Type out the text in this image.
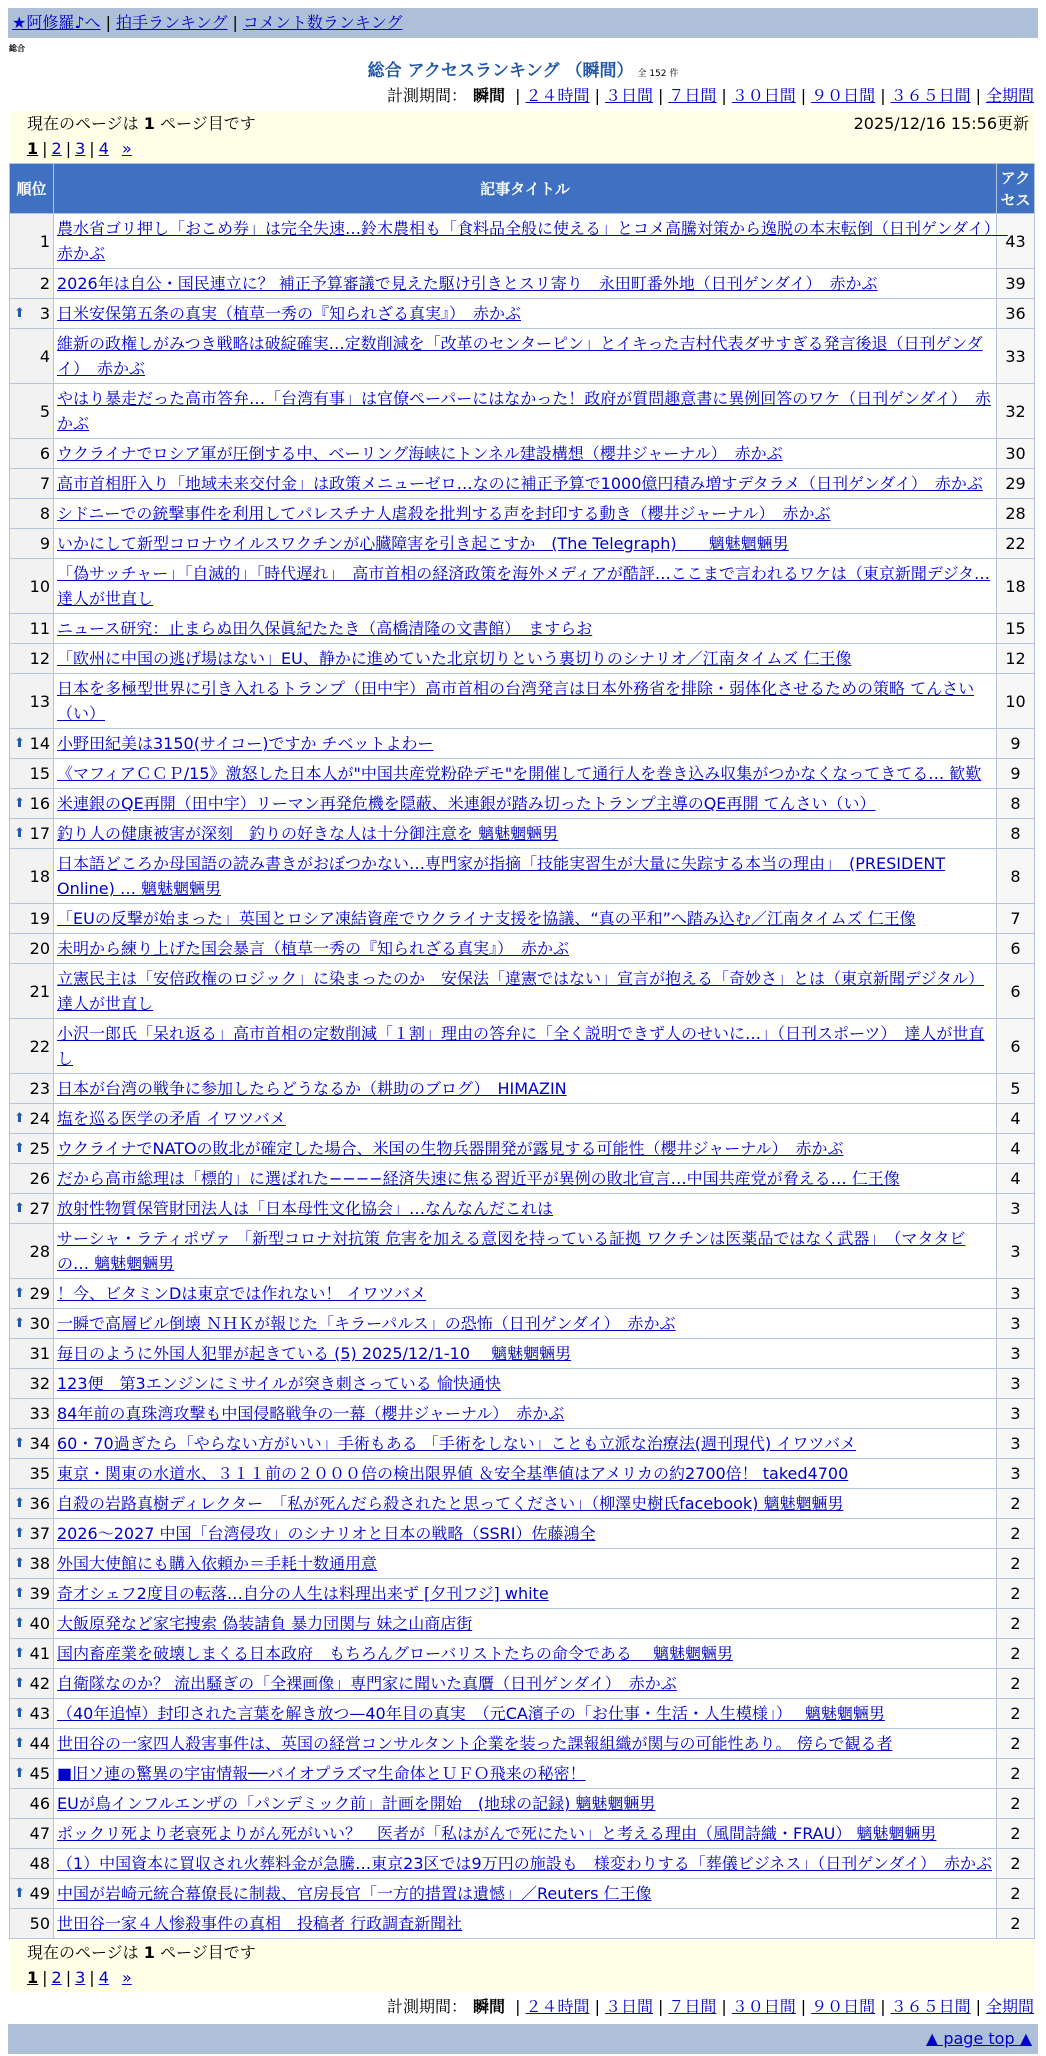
★阿修羅♪へ | 拍手ランキング | コメント数ランキング
総合
総合 アクセスランキング （瞬間） 全 152 件
計測期間： 瞬間 | ２４時間 | ３日間 | ７日間 | ３０日間 | ９０日間 | ３６５日間 | 全期間
現在のページは 1 ページ目です	2025/12/16 15:56更新
1 | 2 | 3 | 4 »
順位	記事タイトル	アクセス
1	農水省ゴリ押し「おこめ券」は完全失速…鈴木農相も「食料品全般に使える」とコメ高騰対策から逸脱の本末転倒（日刊ゲンダイ）　赤かぶ	43
2	2026年は自公・国民連立に？ 補正予算審議で見えた駆け引きとスリ寄り　永田町番外地（日刊ゲンダイ）　赤かぶ	39

⬆ 3	日米安保第五条の真実（植草一秀の『知られざる真実』）　赤かぶ	36
4	維新の政権しがみつき戦略は破綻確実…定数削減を「改革のセンターピン」とイキった吉村代表ダサすぎる発言後退（日刊ゲンダイ）　赤かぶ	33
5	やはり暴走だった高市答弁…「台湾有事」は官僚ペーパーにはなかった！政府が質問趣意書に異例回答のワケ（日刊ゲンダイ）　赤かぶ	32
6	ウクライナでロシア軍が圧倒する中、ベーリング海峡にトンネル建設構想（櫻井ジャーナル）　赤かぶ	30
7	高市首相肝入り「地域未来交付金」は政策メニューゼロ…なのに補正予算で1000億円積み増すデタラメ（日刊ゲンダイ）　赤かぶ	29
8	シドニーでの銃撃事件を利用してパレスチナ人虐殺を批判する声を封印する動き（櫻井ジャーナル）　赤かぶ	28
9	いかにして新型コロナウイルスワクチンが心臓障害を引き起こすか　(The Telegraph)　　魑魅魍魎男	22
10	「偽サッチャー」「自滅的」「時代遅れ」　高市首相の経済政策を海外メディアが酷評…ここまで言われるワケは（東京新聞デジタ… 達人が世直し	18
11	ニュース研究：止まらぬ田久保眞紀たたき（高橋清隆の文書館）　ますらお	15
12	「欧州に中国の逃げ場はない」EU、静かに進めていた北京切りという裏切りのシナリオ／江南タイムズ 仁王像	12
13	日本を多極型世界に引き入れるトランプ（田中宇）高市首相の台湾発言は日本外務省を排除・弱体化させるための策略 てんさい（い）	10

⬆ 14	小野田紀美は3150(サイコー)ですか チベットよわー	9
15	《マフィアＣＣＰ/15》激怒した日本人が"中国共産党粉砕デモ"を開催して通行人を巻き込み収集がつかなくなってきてる… 歓歎	9

⬆ 16	米連銀のQE再開（田中宇）リーマン再発危機を隠蔽、米連銀が踏み切ったトランプ主導のQE再開 てんさい（い）	8

⬆ 17	釣り人の健康被害が深刻　釣りの好きな人は十分御注意を 魑魅魍魎男	8
18	日本語どころか母国語の読み書きがおぼつかない…専門家が指摘「技能実習生が大量に失踪する本当の理由」　(PRESIDENT Online) … 魑魅魍魎男	8
19	「EUの反撃が始まった」英国とロシア凍結資産でウクライナ支援を協議、“真の平和”へ踏み込む／江南タイムズ 仁王像	7
20	未明から練り上げた国会暴言（植草一秀の『知られざる真実』）　赤かぶ	6
21	立憲民主は「安倍政権のロジック」に染まったのか　安保法「違憲ではない」宣言が抱える「奇妙さ」とは（東京新聞デジタル） 達人が世直し	6
22	小沢一郎氏「呆れ返る」高市首相の定数削減「１割」理由の答弁に「全く説明できず人のせいに…」（日刊スポーツ）　達人が世直し	6
23	日本が台湾の戦争に参加したらどうなるか（耕助のブログ）　HIMAZIN	5

⬆ 24	塩を巡る医学の矛盾 イワツバメ	4

⬆ 25	ウクライナでNATOの敗北が確定した場合、米国の生物兵器開発が露見する可能性（櫻井ジャーナル）　赤かぶ	4
26	だから高市総理は「標的」に選ばれた−−−−経済失速に焦る習近平が異例の敗北宣言…中国共産党が脅える… 仁王像	4

⬆ 27	放射性物質保管財団法人は「日本母性文化協会」…なんなんだこれは	3
28	サーシャ・ラティポヴァ 「新型コロナ対抗策 危害を加える意図を持っている証拠 ワクチンは医薬品ではなく武器」　（マタタビの… 魑魅魍魎男	3

⬆ 29	！今、ビタミンDは東京では作れない！ イワツバメ	3

⬆ 30	一瞬で高層ビル倒壊 ＮＨＫが報じた「キラーパルス」の恐怖（日刊ゲンダイ）　赤かぶ	3
31	毎日のように外国人犯罪が起きている (5) 2025/12/1-10　 魑魅魍魎男	3
32	123便　第3エンジンにミサイルが突き刺さっている 愉快通快	3
33	84年前の真珠湾攻撃も中国侵略戦争の一幕（櫻井ジャーナル）　赤かぶ	3

⬆ 34	60・70過ぎたら「やらない方がいい」手術もある 「手術をしない」ことも立派な治療法(週刊現代) イワツバメ	3
35	東京・関東の水道水、３１１前の２０００倍の検出限界値 ＆安全基準値はアメリカの約2700倍！ taked4700	3

⬆ 36	自殺の岩路真樹ディレクター　「私が死んだら殺されたと思ってください」（柳澤史樹氏facebook) 魑魅魍魎男	2

⬆ 37	2026〜2027 中国「台湾侵攻」のシナリオと日本の戦略（SSRI）佐藤鴻全	2

⬆ 38	外国大使館にも購入依頼か＝手耗十数通用意	2

⬆ 39	奇才シェフ2度目の転落…自分の人生は料理出来ず [夕刊フジ] white	2

⬆ 40	大飯原発など家宅捜索 偽装請負 暴力団関与 妹之山商店街	2

⬆ 41	国内畜産業を破壊しまくる日本政府　もちろんグローバリストたちの命令である　 魑魅魍魎男	2

⬆ 42	自衛隊なのか？ 流出騒ぎの「全裸画像」専門家に聞いた真贋（日刊ゲンダイ）　赤かぶ	2

⬆ 43	（40年追悼）封印された言葉を解き放つ—40年目の真実　（元CA濱子の「お仕事・生活・人生模様」）　 魑魅魍魎男	2

⬆ 44	世田谷の一家四人殺害事件は、英国の経営コンサルタント企業を装った課報組織が関与の可能性あり。 傍らで観る者	2

⬆ 45	■旧ソ連の驚異の宇宙情報──バイオプラズマ生命体とＵＦＯ飛来の秘密！	2
46	EUが鳥インフルエンザの「パンデミック前」計画を開始　(地球の記録) 魑魅魍魎男	2
47	ポックリ死より老衰死よりがん死がいい？　医者が「私はがんで死にたい」と考える理由（風間詩織・FRAU） 魑魅魍魎男	2
48	（1）中国資本に買収され火葬料金が急騰…東京23区では9万円の施設も　様変わりする「葬儀ビジネス」（日刊ゲンダイ）　赤かぶ	2

⬆ 49	中国が岩崎元統合幕僚長に制裁、官房長官「一方的措置は遺憾」／Reuters 仁王像	2
50	世田谷一家４人惨殺事件の真相　投稿者 行政調査新聞社	2
現在のページは 1 ページ目です
1 | 2 | 3 | 4 »
計測期間： 瞬間 | ２４時間 | ３日間 | ７日間 | ３０日間 | ９０日間 | ３６５日間 | 全期間
▲ page top ▲
